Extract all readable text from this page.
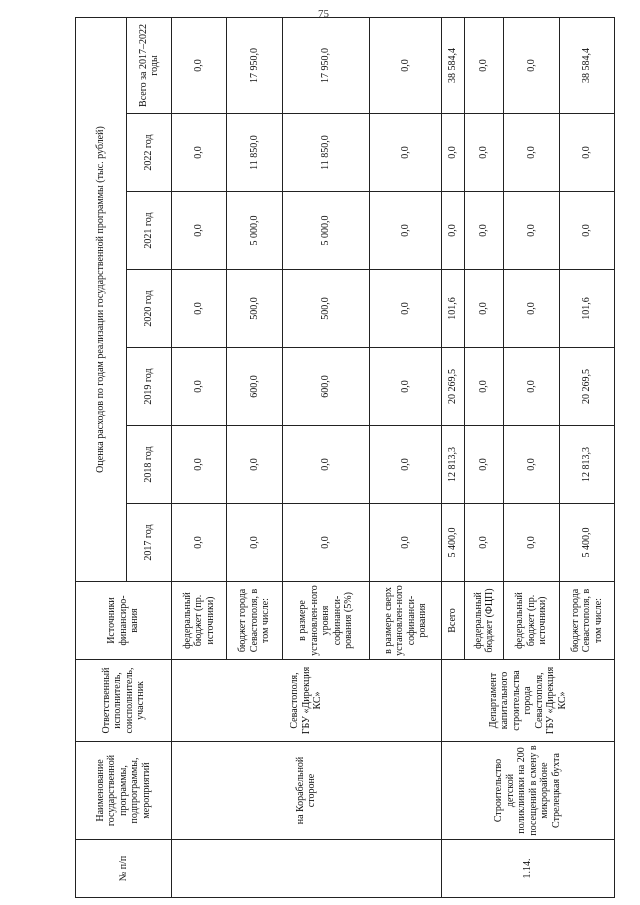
75
№ п/п	Наименование государственной программы, подпрограммы, мероприятий	Ответственный исполнитель, соисполнитель, участник	Источники финансиро-вания	Оценка расходов по годам реализации государственной программы (тыс. рублей)						
				2017 год	2018 год	2019 год	2020 год	2021 год	2022 год	Всего за 2017–2022 годы
	на Корабельной стороне	Севастополя, ГБУ «Дирекция КС»	федеральный бюджет (пр. источники)	0,0	0,0	0,0	0,0	0,0	0,0	0,0
			бюджет города Севастополя, в том числе:	0,0	0,0	600,0	500,0	5 000,0	11 850,0	17 950,0
			в размере установлен-ного уровня софинанси-рования (5%)	0,0	0,0	600,0	500,0	5 000,0	11 850,0	17 950,0
			в размере сверх установлен-ного софинанси-рования	0,0	0,0	0,0	0,0	0,0	0,0	0,0
1.14.	Строительство детской поликлиники на 200 посещений в смену в микрорайоне Стрелецкая бухта	Департамент капитального строительства города Севастополя, ГБУ «Дирекция КС»	Всего	5 400,0	12 813,3	20 269,5	101,6	0,0	0,0	38 584,4
			федеральный бюджет (ФЦП)	0,0	0,0	0,0	0,0	0,0	0,0	0,0
			федеральный бюджет (пр. источники)	0,0	0,0	0,0	0,0	0,0	0,0	0,0
			бюджет города Севастополя, в том числе:	5 400,0	12 813,3	20 269,5	101,6	0,0	0,0	38 584,4
